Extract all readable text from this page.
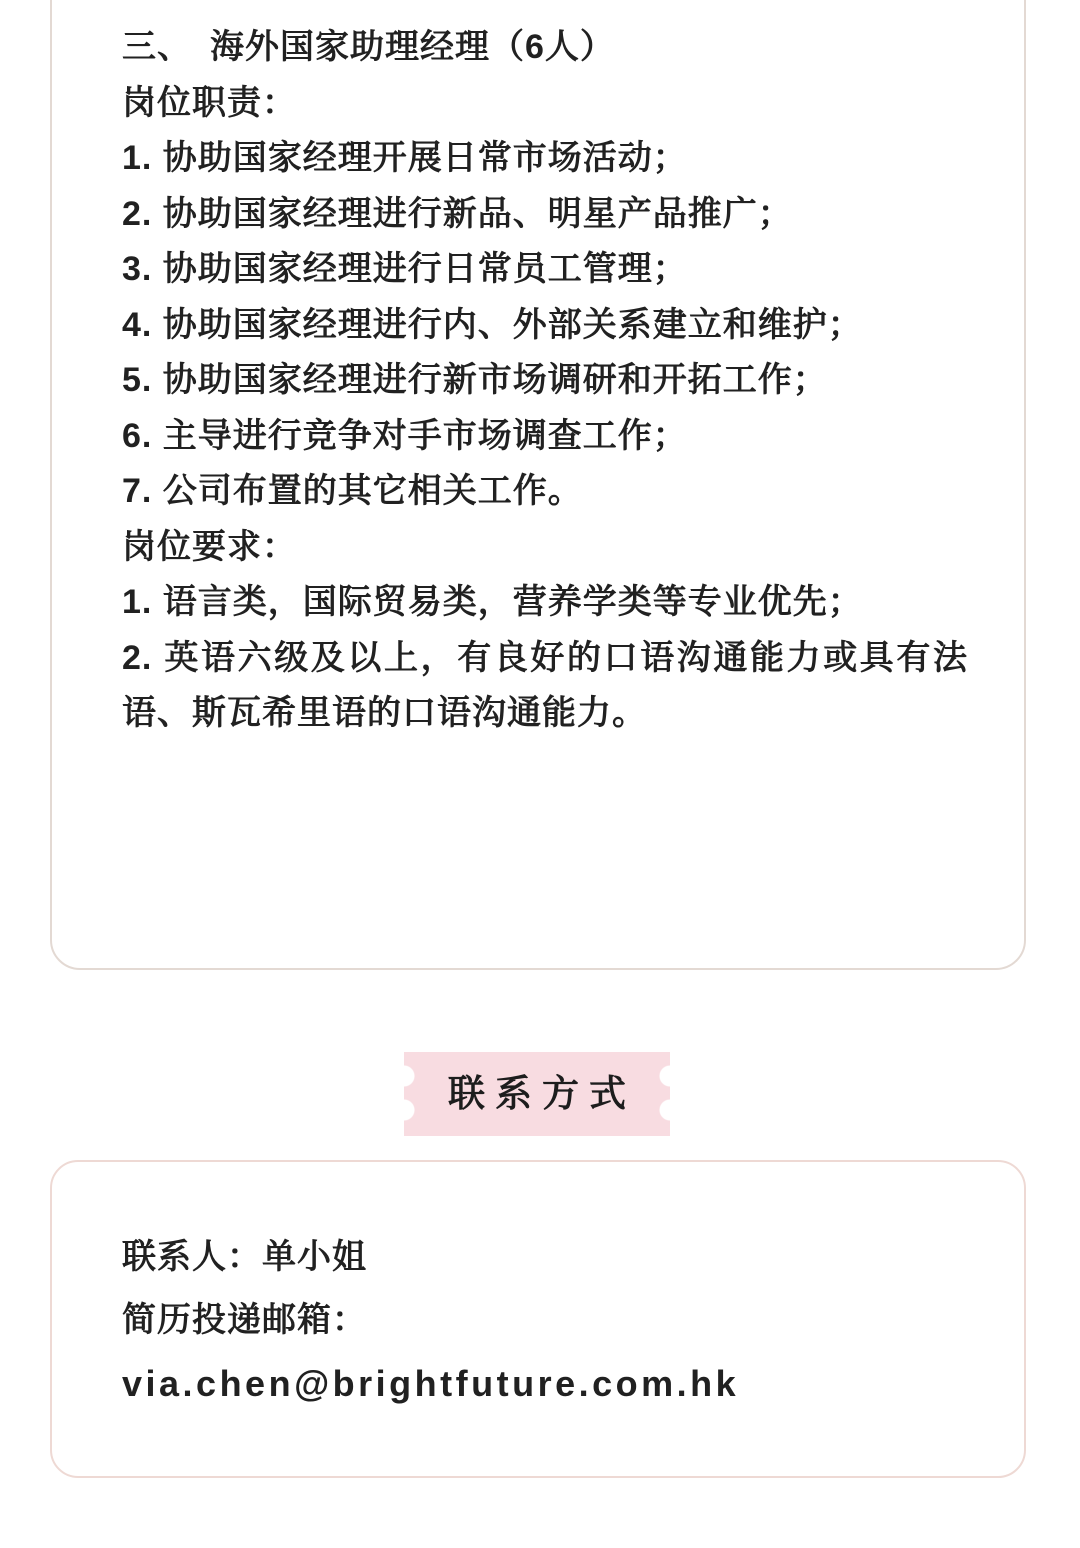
三、　海外国家助理经理（6人）

岗位职责：

1. 协助国家经理开展日常市场活动；

2. 协助国家经理进行新品、明星产品推广；

3. 协助国家经理进行日常员工管理；

4. 协助国家经理进行内、外部关系建立和维护；

5. 协助国家经理进行新市场调研和开拓工作；

6. 主导进行竞争对手市场调查工作；

7. 公司布置的其它相关工作。

岗位要求：

1. 语言类，国际贸易类，营养学类等专业优先；

2. 英语六级及以上，有良好的口语沟通能力或具有法语、斯瓦希里语的口语沟通能力。

联系方式

联系人：单小姐

简历投递邮箱：

via.chen@brightfuture.com.hk
